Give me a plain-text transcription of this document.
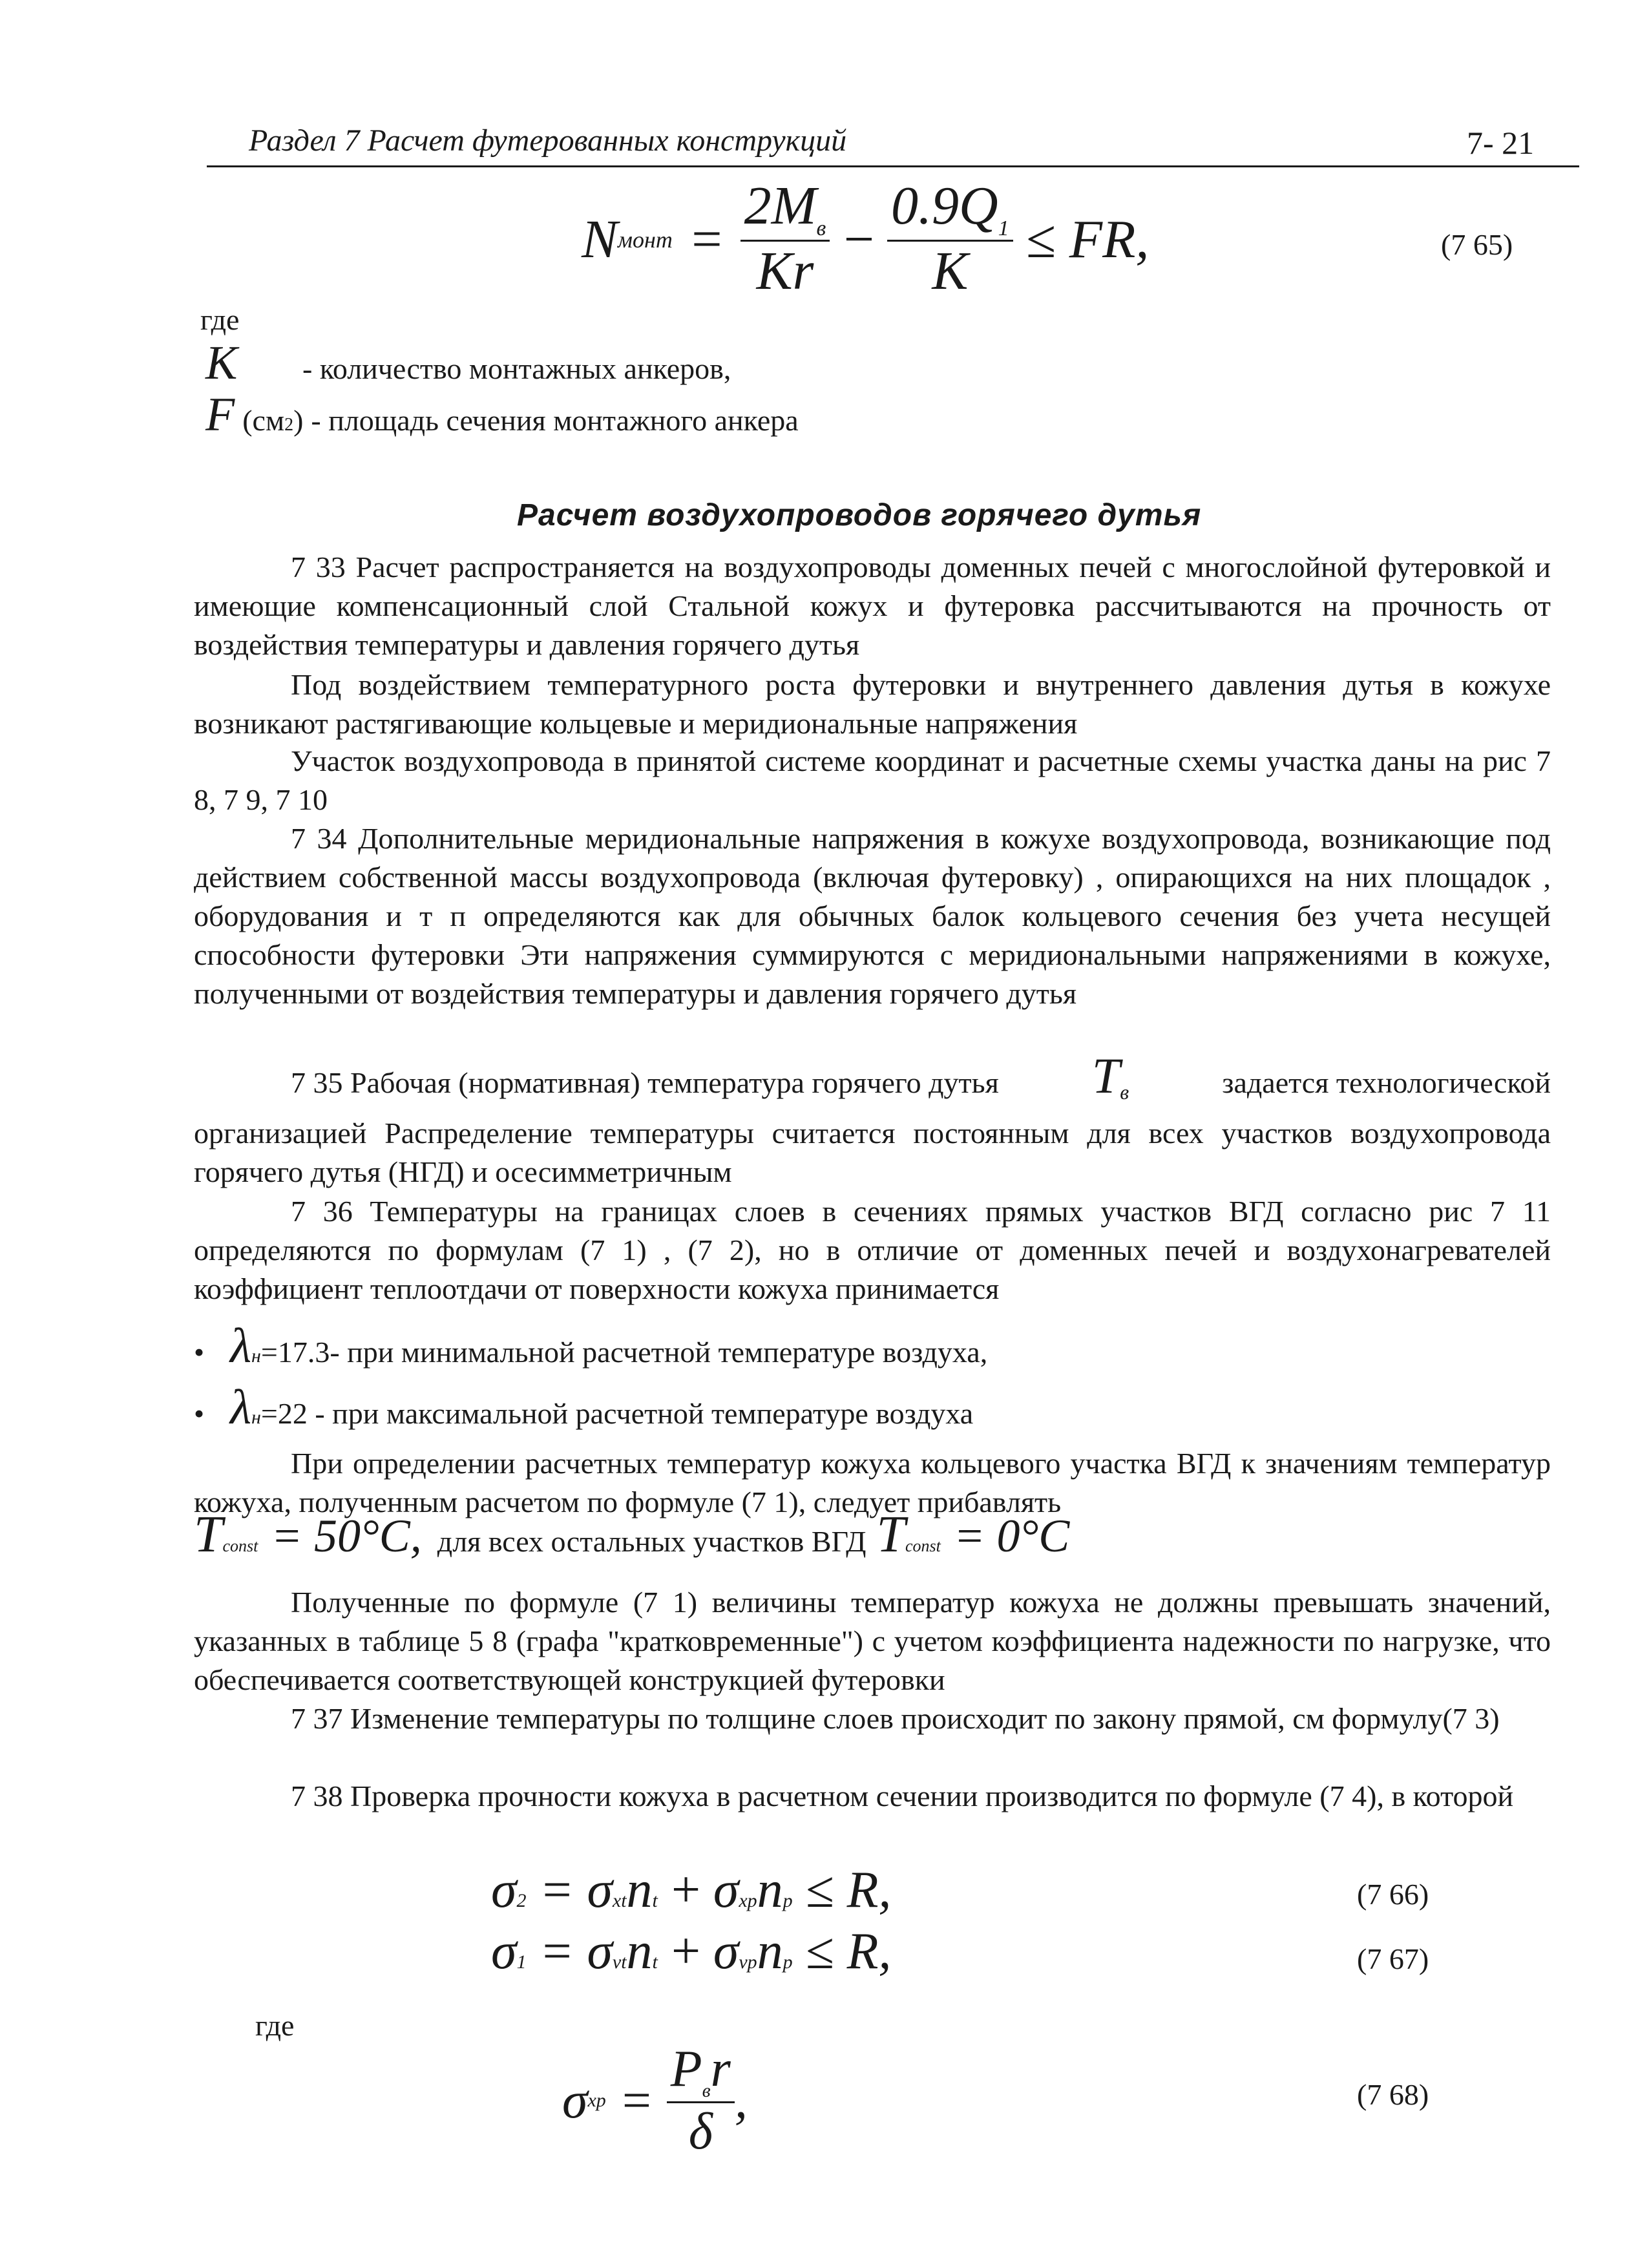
Раздел 7 Расчет футерованных конструкций	7- 21
N монт = $\frac{2M_в}{Kr} - \frac{0.9Q_1}{K}$ ≤ FR,	(7 65)
где
K	- количество монтажных анкеров,
F (см 2 ) - площадь сечения монтажного анкера
Расчет воздухопроводов горячего дутья
7 33 Расчет распространяется на воздухопроводы доменных печей с многослойной футеровкой и имеющие компенсационный слой Стальной кожух и футеровка рассчитываются на прочность от воздействия температуры и давления горячего дутья
Под воздействием температурного роста футеровки и внутреннего давления дутья в кожухе возникают растягивающие кольцевые и меридиональные напряжения
Участок воздухопровода в принятой системе координат и расчетные схемы участка даны на рис 7 8, 7 9, 7 10
7 34 Дополнительные меридиональные напряжения в кожухе воздухопровода, возникающие под действием собственной массы воздухопровода (включая футеровку) , опирающихся на них площадок , оборудования и т п определяются как для обычных балок кольцевого сечения без учета несущей способности футеровки Эти напряжения суммируются с меридиональными напряжениями в кожухе, полученными от воздействия температуры и давления горячего дутья
7 35 Рабочая (нормативная) температура горячего дутья $T_в$	задается технологической
организацией Распределение температуры считается постоянным для всех участков воздухопровода горячего дутья (НГД) и осесимметричным
7 36 Температуры на границах слоев в сечениях прямых участков ВГД согласно рис 7 11 определяются по формулам (7 1) , (7 2), но в отличие от доменных печей и воздухонагревателей коэффициент теплоотдачи от поверхности кожуха принимается
• $\lambda_н =17.3-$ при минимальной расчетной температуре воздуха,
• $\lambda_н =22$ - при максимальной расчетной температуре воздуха
При определении расчетных температур кожуха кольцевого участка ВГД к значениям температур кожуха, полученным расчетом по формуле (7 1), следует прибавлять
$T_{const} = 50^\circ C$, для всех остальных участков ВГД $T_{const} = 0^\circ C$
Полученные по формуле (7 1) величины температур кожуха не должны превышать значений, указанных в таблице 5 8 (графа "кратковременные") с учетом коэффициента надежности по нагрузке, что обеспечивается соответствующей конструкцией футеровки
7 37 Изменение температуры по толщине слоев происходит по закону прямой, см формулу(7 3)
7 38 Проверка прочности кожуха в расчетном сечении производится по формуле (7 4), в которой
$\sigma_2 = \sigma_{xt}$ $n_t + \sigma_{xp}$ $n_p \le R$,	(7 66)
$\sigma_1 = \sigma_{vt}$ $n_t + \sigma_{vp}$ $n_p \le R$,	(7 67)
где
σ xp = $\frac{P_вr}{\delta}$ ,	(7 68)
